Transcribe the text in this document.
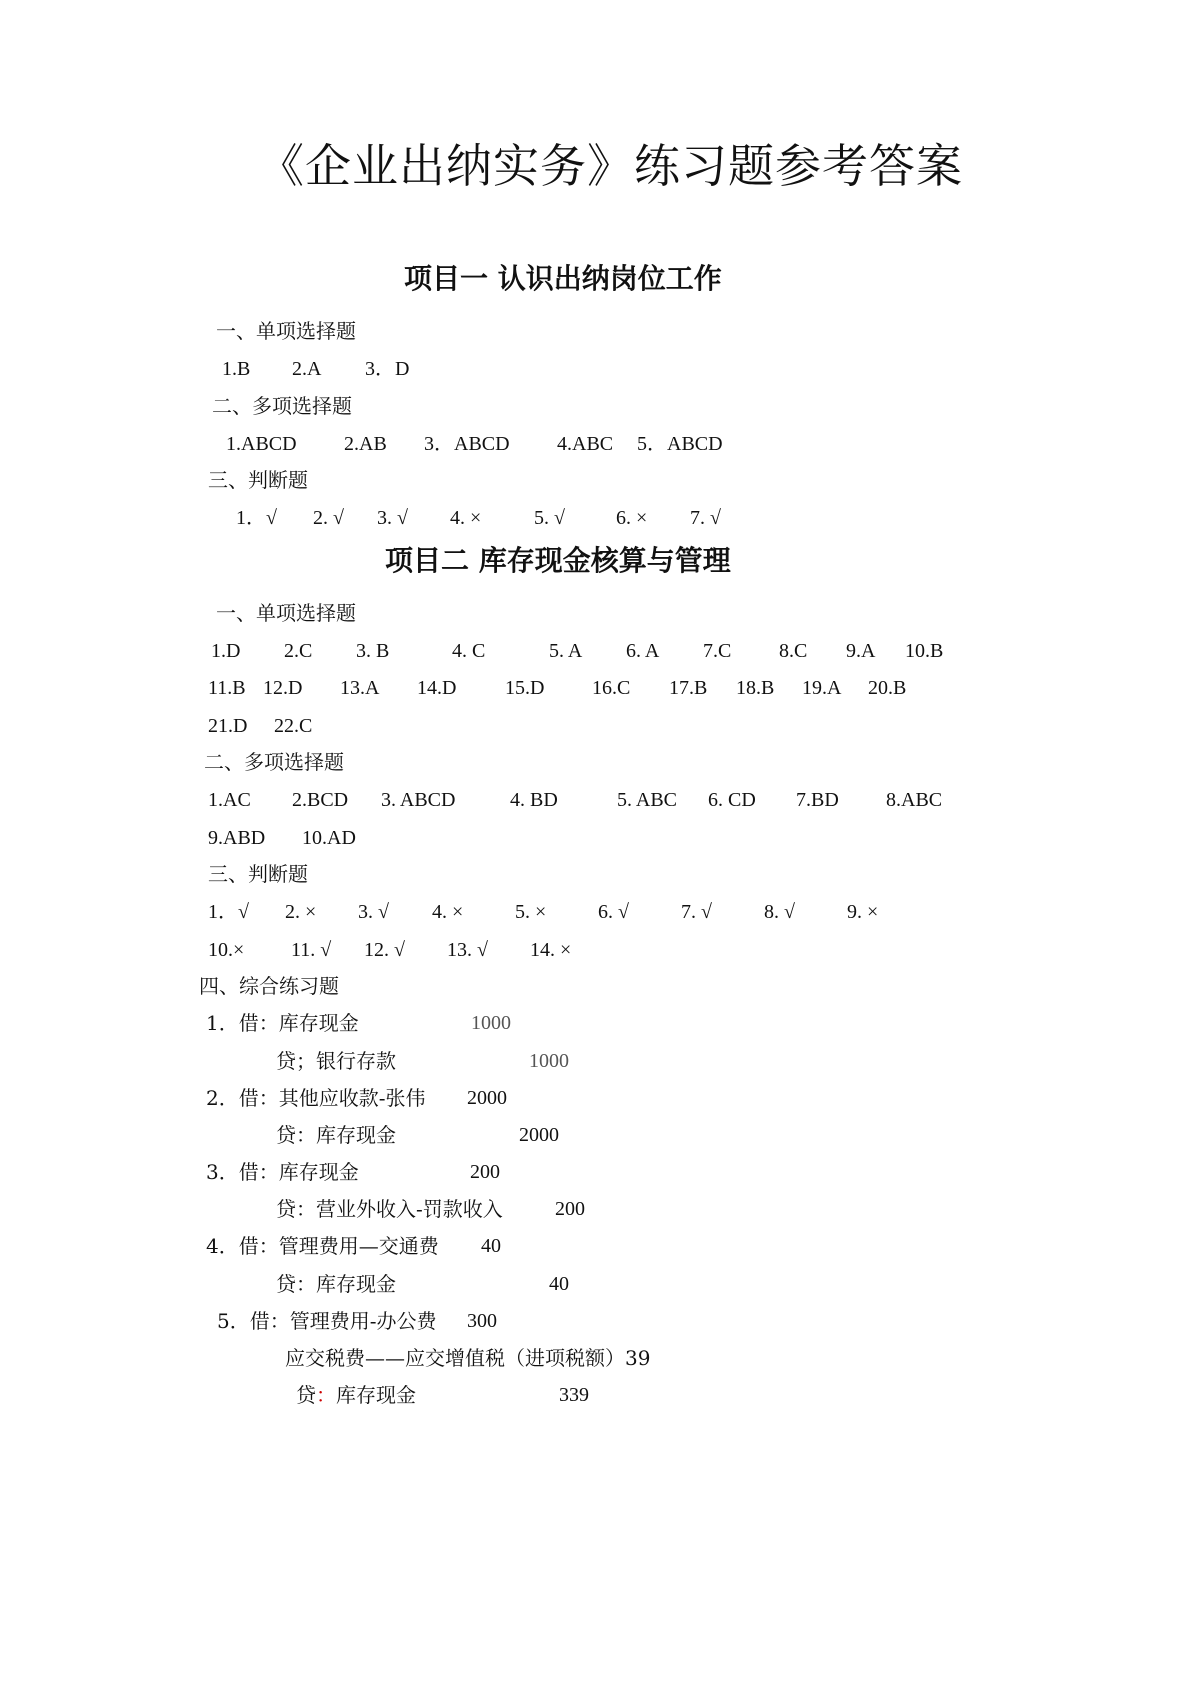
《企业出纳实务》练习题参考答案
项目一 认识出纳岗位工作
一、单项选择题
1.B 2.A 3．D
二、多项选择题
1.ABCD 2.AB 3．ABCD 4.ABC 5．ABCD
三、判断题
1．√ 2. √ 3. √ 4. ×	5. √	6. × 7. √
项目二 库存现金核算与管理
一、单项选择题
1.D 2.C 3. B	4. C	5. A 6. A 7.C 8.C 9.A 10.B
11.B 12.D 13.A 14.D 15.D 16.C 17.B 18.B 19.A 20.B
21.D 22.C
二、多项选择题
1.AC 2.BCD 3. ABCD	4. BD	5. ABC 6. CD 7.BD 8.ABC
9.ABD 10.AD
三、判断题
1．√ 2. × 3. √ 4. ×	5. ×	6. √	7. √	8. √	9. ×
10.× 11. √ 12. √ 13. √ 14. ×
四、综合练习题
1．借：库存现金	1000
贷；银行存款	1000
2．借：其他应收款-张伟 2000
贷：库存现金	2000
3．借：库存现金	200
贷：营业外收入-罚款收入	200
4．借：管理费用—交通费 40
贷：库存现金	40
5．借：管理费用-办公费 300
应交税费——应交增值税（进项税额）39
贷：库存现金	339
